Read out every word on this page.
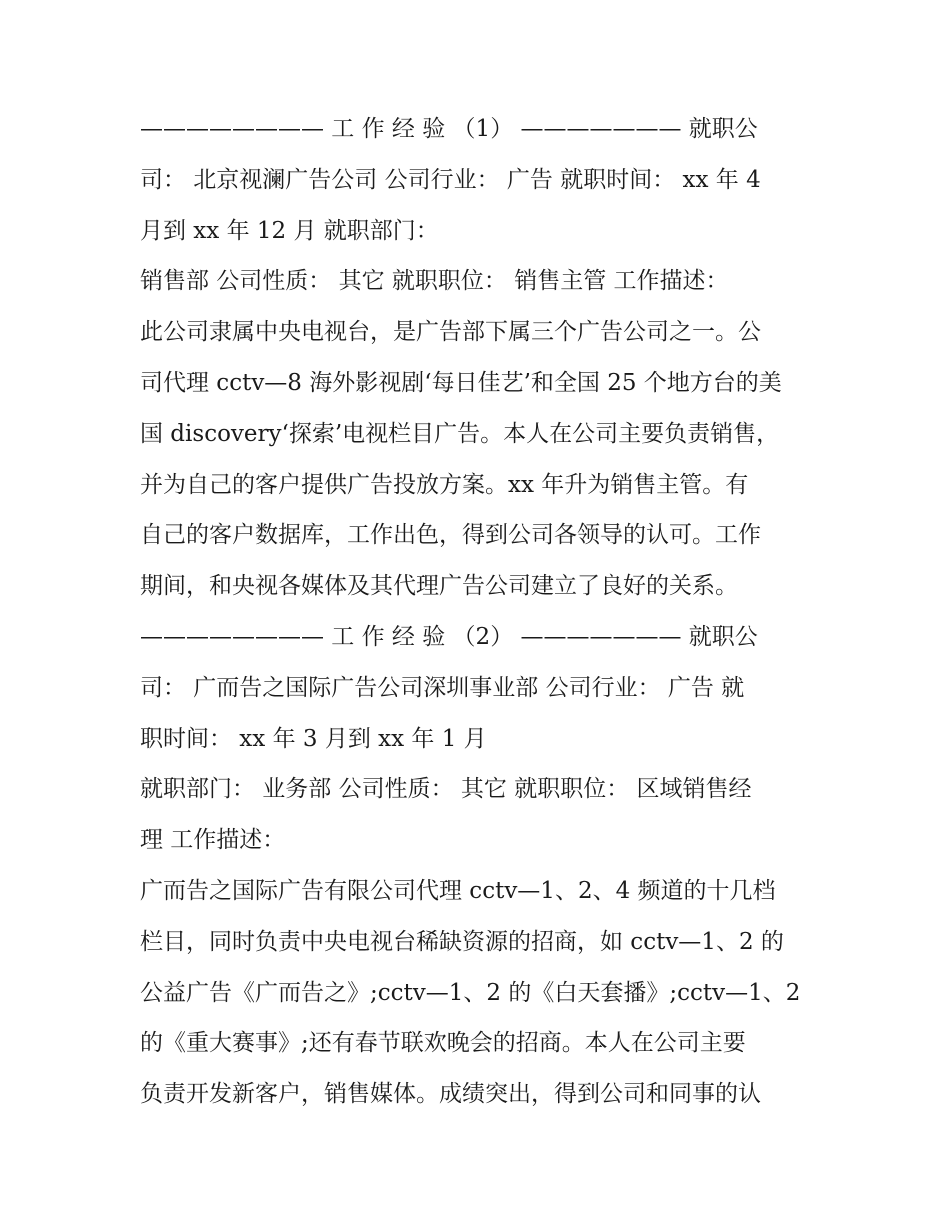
———————— 工 作 经 验 （1） ——————— 就职公
司： 北京视澜广告公司 公司行业： 广告 就职时间： xx 年 4
月到 xx 年 12 月 就职部门：
销售部 公司性质： 其它 就职职位： 销售主管 工作描述：
此公司隶属中央电视台，是广告部下属三个广告公司之一。公
司代理 cctv—8 海外影视剧‘每日佳艺’和全国 25 个地方台的美
国 discovery‘探索’电视栏目广告。本人在公司主要负责销售，
并为自己的客户提供广告投放方案。xx 年升为销售主管。有
自己的客户数据库，工作出色，得到公司各领导的认可。工作
期间，和央视各媒体及其代理广告公司建立了良好的关系。
———————— 工 作 经 验 （2） ——————— 就职公
司： 广而告之国际广告公司深圳事业部 公司行业： 广告 就
职时间： xx 年 3 月到 xx 年 1 月
就职部门： 业务部 公司性质： 其它 就职职位： 区域销售经
理 工作描述：
广而告之国际广告有限公司代理 cctv—1、2、4 频道的十几档
栏目，同时负责中央电视台稀缺资源的招商，如 cctv—1、2 的
公益广告《广而告之》;cctv—1、2 的《白天套播》;cctv—1、2
的《重大赛事》;还有春节联欢晚会的招商。本人在公司主要
负责开发新客户，销售媒体。成绩突出，得到公司和同事的认
